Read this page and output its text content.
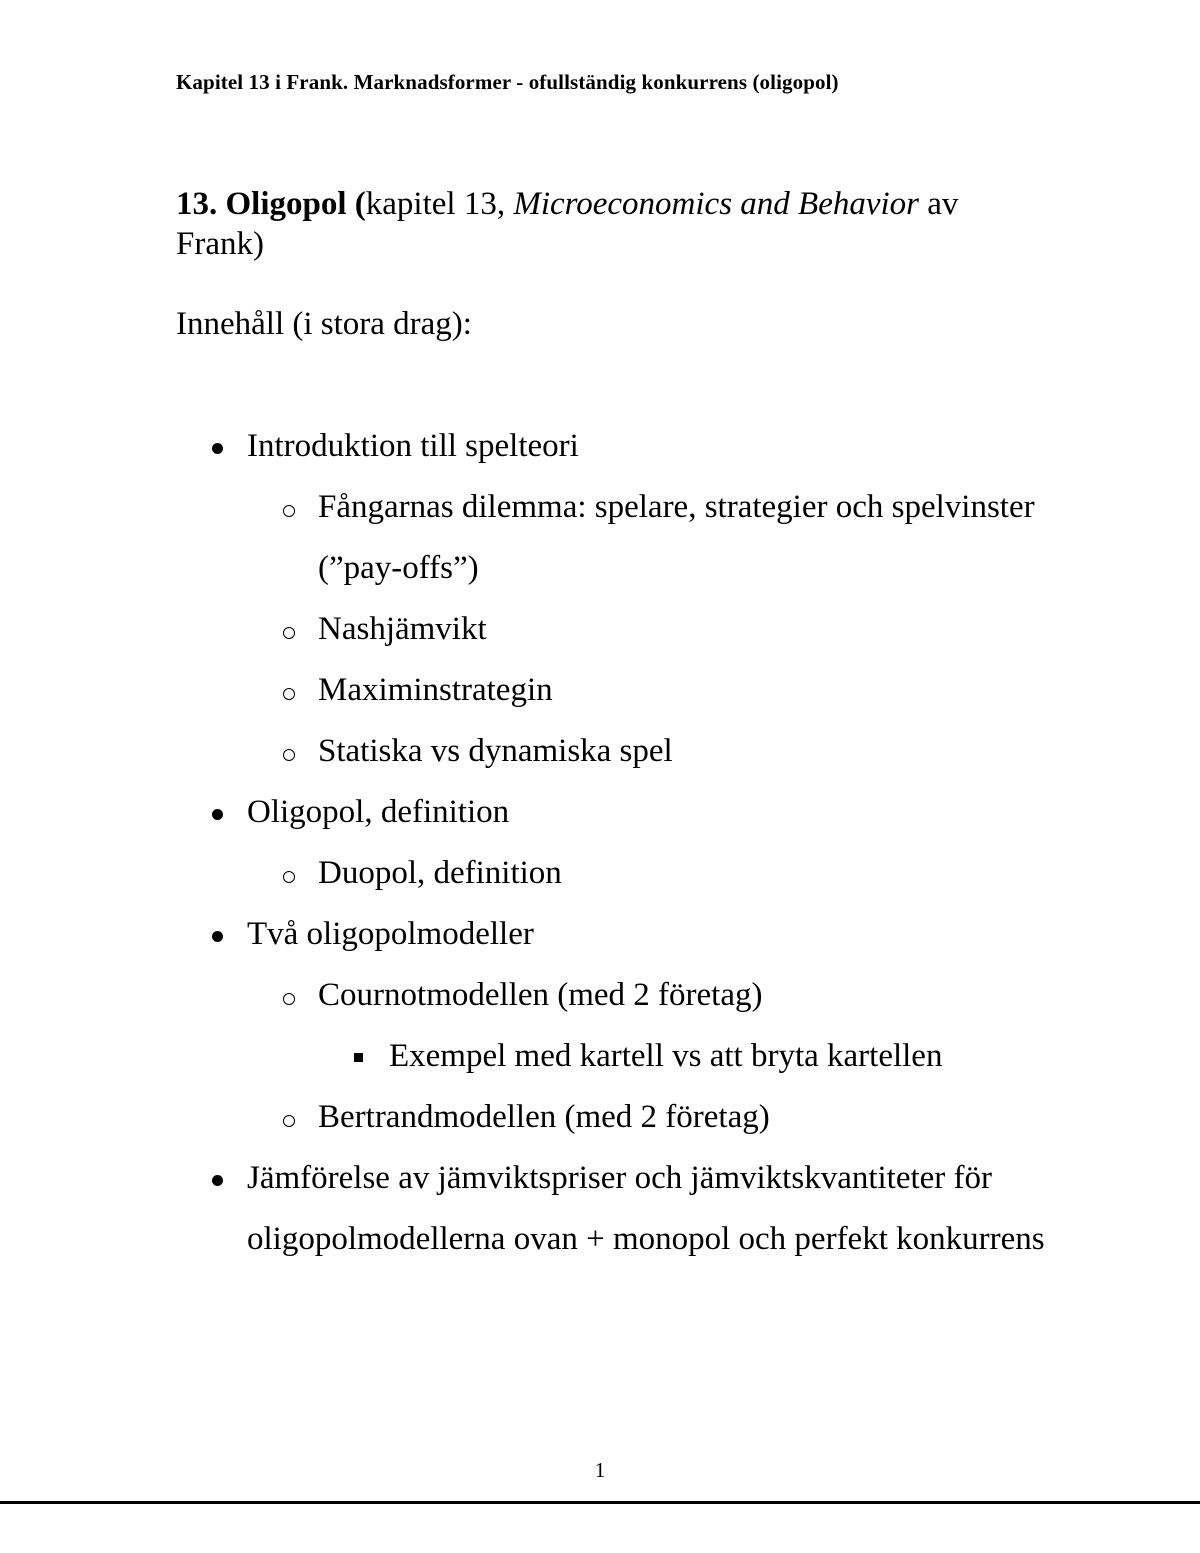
Kapitel 13 i Frank. Marknadsformer - ofullständig konkurrens (oligopol)
13. Oligopol (kapitel 13, Microeconomics and Behavior av Frank)
Innehåll (i stora drag):
Introduktion till spelteori
Fångarnas dilemma: spelare, strategier och spelvinster (”pay-offs”)
Nashjämvikt
Maximinstrategin
Statiska vs dynamiska spel
Oligopol, definition
Duopol, definition
Två oligopolmodeller
Cournotmodellen (med 2 företag)
Exempel med kartell vs att bryta kartellen
Bertrandmodellen (med 2 företag)
Jämförelse av jämviktspriser och jämviktskvantiteter för oligopolmodellerna ovan + monopol och perfekt konkurrens
1
